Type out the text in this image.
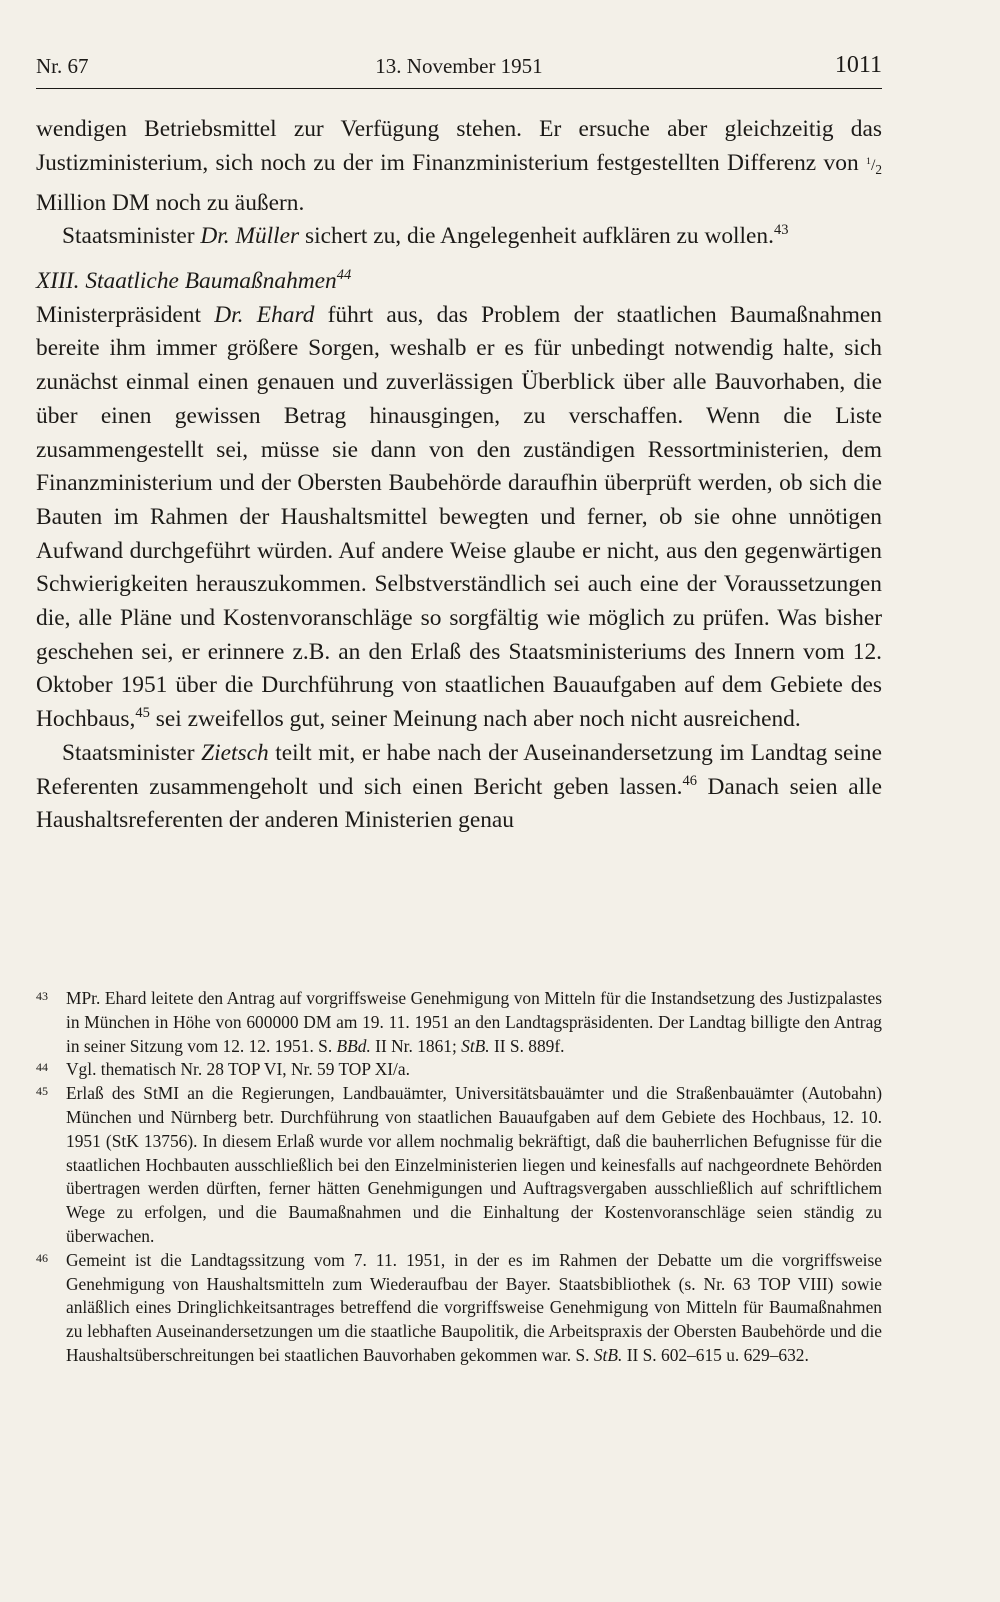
Nr. 67	13. November 1951	1011

wendigen Betriebsmittel zur Verfügung stehen. Er ersuche aber gleichzeitig das Justizministerium, sich noch zu der im Finanzministerium festgestellten Differenz von $^1/_2$ Million DM noch zu äußern.

Staatsminister Dr. Müller sichert zu, die Angelegenheit aufklären zu wollen.$^{43}$

XIII. Staatliche Baumaßnahmen$^{44}$

Ministerpräsident Dr. Ehard führt aus, das Problem der staatlichen Baumaßnahmen bereite ihm immer größere Sorgen, weshalb er es für unbedingt notwendig halte, sich zunächst einmal einen genauen und zuverlässigen Überblick über alle Bauvorhaben, die über einen gewissen Betrag hinausgingen, zu verschaffen. Wenn die Liste zusammengestellt sei, müsse sie dann von den zuständigen Ressortministerien, dem Finanzministerium und der Obersten Baubehörde daraufhin überprüft werden, ob sich die Bauten im Rahmen der Haushaltsmittel bewegten und ferner, ob sie ohne unnötigen Aufwand durchgeführt würden. Auf andere Weise glaube er nicht, aus den gegenwärtigen Schwierigkeiten herauszukommen. Selbstverständlich sei auch eine der Voraussetzungen die, alle Pläne und Kostenvoranschläge so sorgfältig wie möglich zu prüfen. Was bisher geschehen sei, er erinnere z.B. an den Erlaß des Staatsministeriums des Innern vom 12. Oktober 1951 über die Durchführung von staatlichen Bauaufgaben auf dem Gebiete des Hochbaus,$^{45}$ sei zweifellos gut, seiner Meinung nach aber noch nicht ausreichend.

Staatsminister Zietsch teilt mit, er habe nach der Auseinandersetzung im Landtag seine Referenten zusammengeholt und sich einen Bericht geben lassen.$^{46}$ Danach seien alle Haushaltsreferenten der anderen Ministerien genau

43 MPr. Ehard leitete den Antrag auf vorgriffsweise Genehmigung von Mitteln für die Instandsetzung des Justizpalastes in München in Höhe von 600000 DM am 19. 11. 1951 an den Landtagspräsidenten. Der Landtag billigte den Antrag in seiner Sitzung vom 12. 12. 1951. S. BBd. II Nr. 1861; StB. II S. 889f.

44 Vgl. thematisch Nr. 28 TOP VI, Nr. 59 TOP XI/a.

45 Erlaß des StMI an die Regierungen, Landbauämter, Universitätsbauämter und die Straßenbauämter (Autobahn) München und Nürnberg betr. Durchführung von staatlichen Bauaufgaben auf dem Gebiete des Hochbaus, 12. 10. 1951 (StK 13756). In diesem Erlaß wurde vor allem nochmalig bekräftigt, daß die bauherrlichen Befugnisse für die staatlichen Hochbauten ausschließlich bei den Einzelministerien liegen und keinesfalls auf nachgeordnete Behörden übertragen werden dürften, ferner hätten Genehmigungen und Auftragsvergaben ausschließlich auf schriftlichem Wege zu erfolgen, und die Baumaßnahmen und die Einhaltung der Kostenvoranschläge seien ständig zu überwachen.

46 Gemeint ist die Landtagssitzung vom 7. 11. 1951, in der es im Rahmen der Debatte um die vorgriffsweise Genehmigung von Haushaltsmitteln zum Wiederaufbau der Bayer. Staatsbibliothek (s. Nr. 63 TOP VIII) sowie anläßlich eines Dringlichkeitsantrages betreffend die vorgriffsweise Genehmigung von Mitteln für Baumaßnahmen zu lebhaften Auseinandersetzungen um die staatliche Baupolitik, die Arbeitspraxis der Obersten Baubehörde und die Haushaltsüberschreitungen bei staatlichen Bauvorhaben gekommen war. S. StB. II S. 602–615 u. 629–632.
